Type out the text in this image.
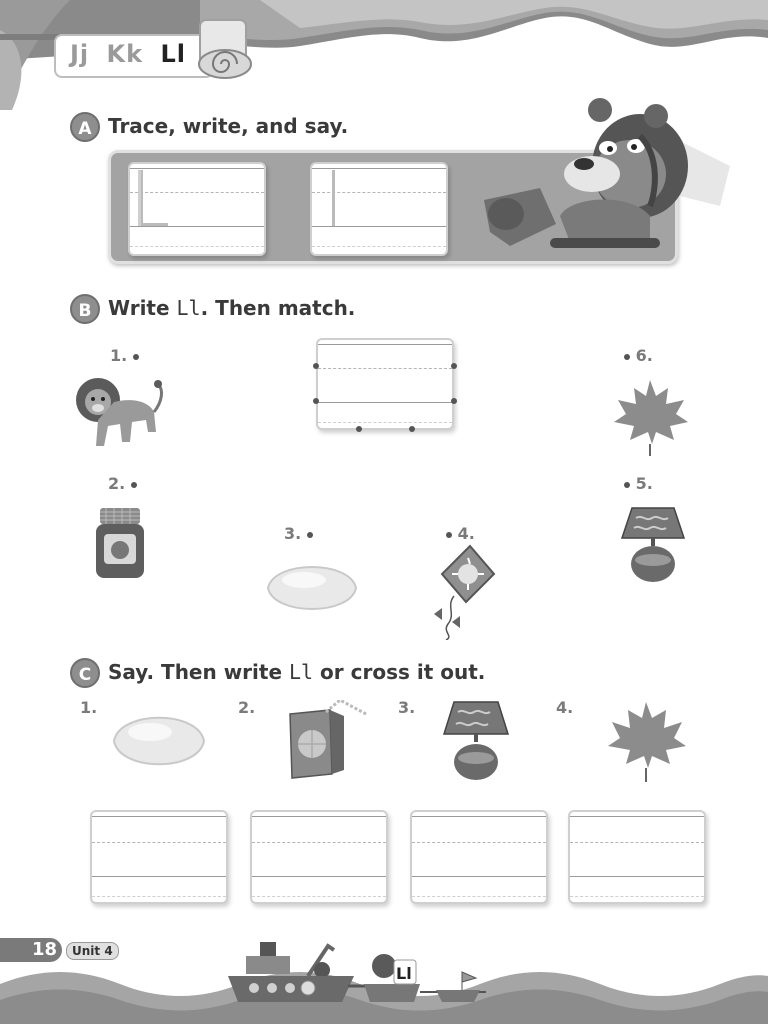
Jj Kk Ll
A Trace, write, and say.
B Write Ll. Then match.
1.
2.
3.	4.
5.
6.
C Say. Then write Ll or cross it out.
1.	2.	3.	4.
18	Unit 4
Ll
